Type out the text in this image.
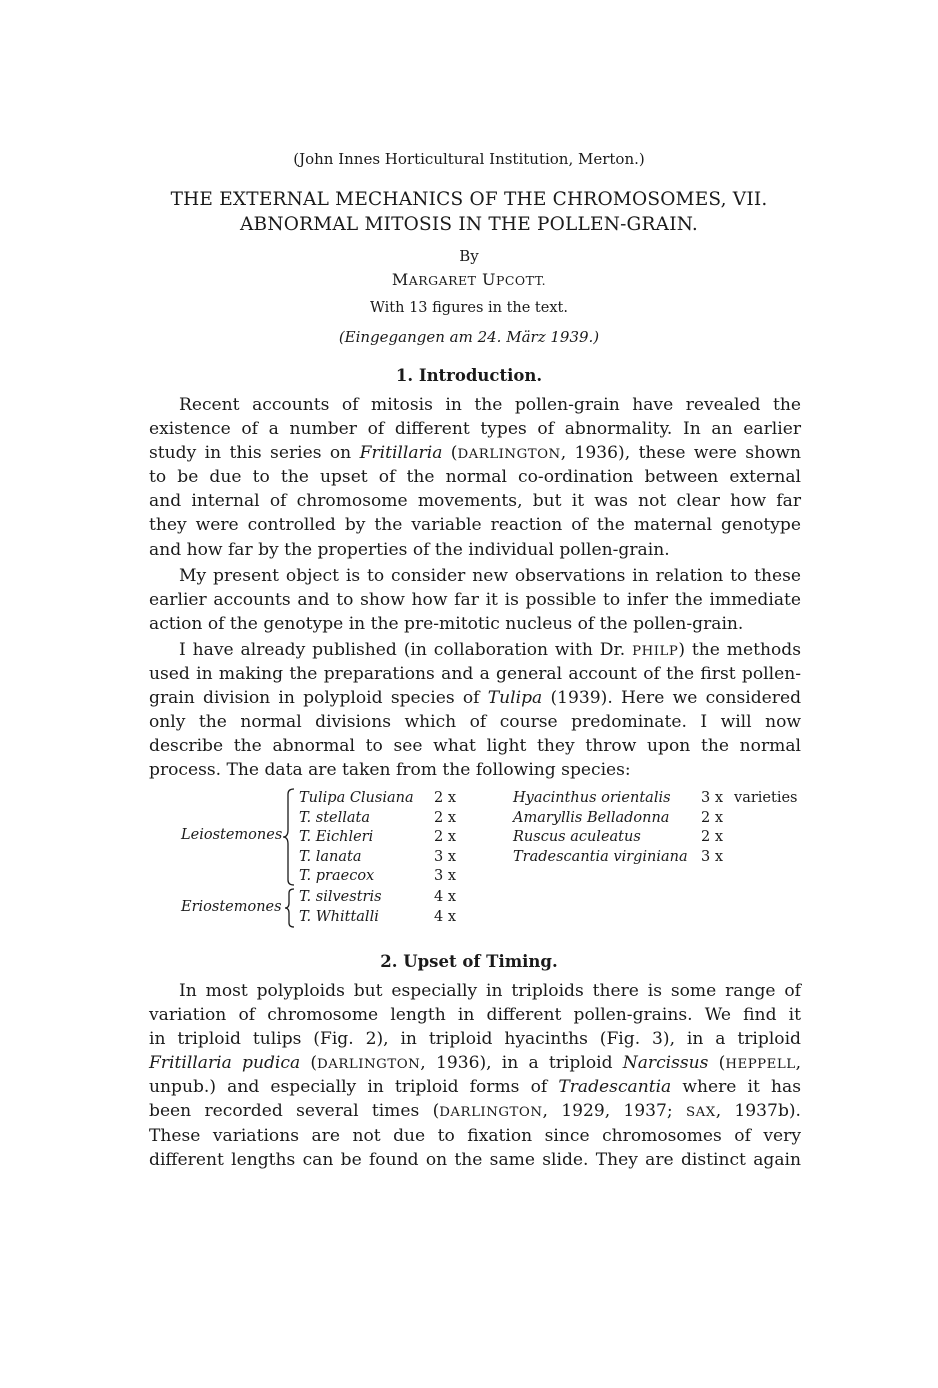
(John Innes Horticultural Institution, Merton.)
THE EXTERNAL MECHANICS OF THE CHROMOSOMES, VII.
ABNORMAL MITOSIS IN THE POLLEN-GRAIN.
By
MARGARET UPCOTT.
With 13 figures in the text.
(Eingegangen am 24. März 1939.)
1. Introduction.
Recent accounts of mitosis in the pollen-grain have revealed the
existence of a number of different types of abnormality. In an earlier
study in this series on Fritillaria (DARLINGTON, 1936), these were shown
to be due to the upset of the normal co-ordination between external
and internal of chromosome movements, but it was not clear how far
they were controlled by the variable reaction of the maternal genotype
and how far by the properties of the individual pollen-grain.
My present object is to consider new observations in relation to these
earlier accounts and to show how far it is possible to infer the immediate
action of the genotype in the pre-mitotic nucleus of the pollen-grain.
I have already published (in collaboration with Dr. PHILP) the methods
used in making the preparations and a general account of the first pollen-
grain division in polyploid species of Tulipa (1939). Here we considered
only the normal divisions which of course predominate. I will now
describe the abnormal to see what light they throw upon the normal
process. The data are taken from the following species:
Leiostemones
Tulipa Clusiana 2 x
T. stellata	2 x
T. Eichleri	2 x
T. lanata	3 x
T. praecox	3 x
Eriostemones
T. silvestris	4 x
T. Whittalli	4 x
Hyacinthus orientalis 3 x varieties
Amaryllis Belladonna 2 x
Ruscus aculeatus	2 x
Tradescantia virginiana 3 x
2. Upset of Timing.
In most polyploids but especially in triploids there is some range of
variation of chromosome length in different pollen-grains. We find it
in triploid tulips (Fig. 2), in triploid hyacinths (Fig. 3), in a triploid
Fritillaria pudica (DARLINGTON, 1936), in a triploid Narcissus (HEPPELL,
unpub.) and especially in triploid forms of Tradescantia where it has
been recorded several times (DARLINGTON, 1929, 1937; SAX, 1937b).
These variations are not due to fixation since chromosomes of very
different lengths can be found on the same slide. They are distinct again
